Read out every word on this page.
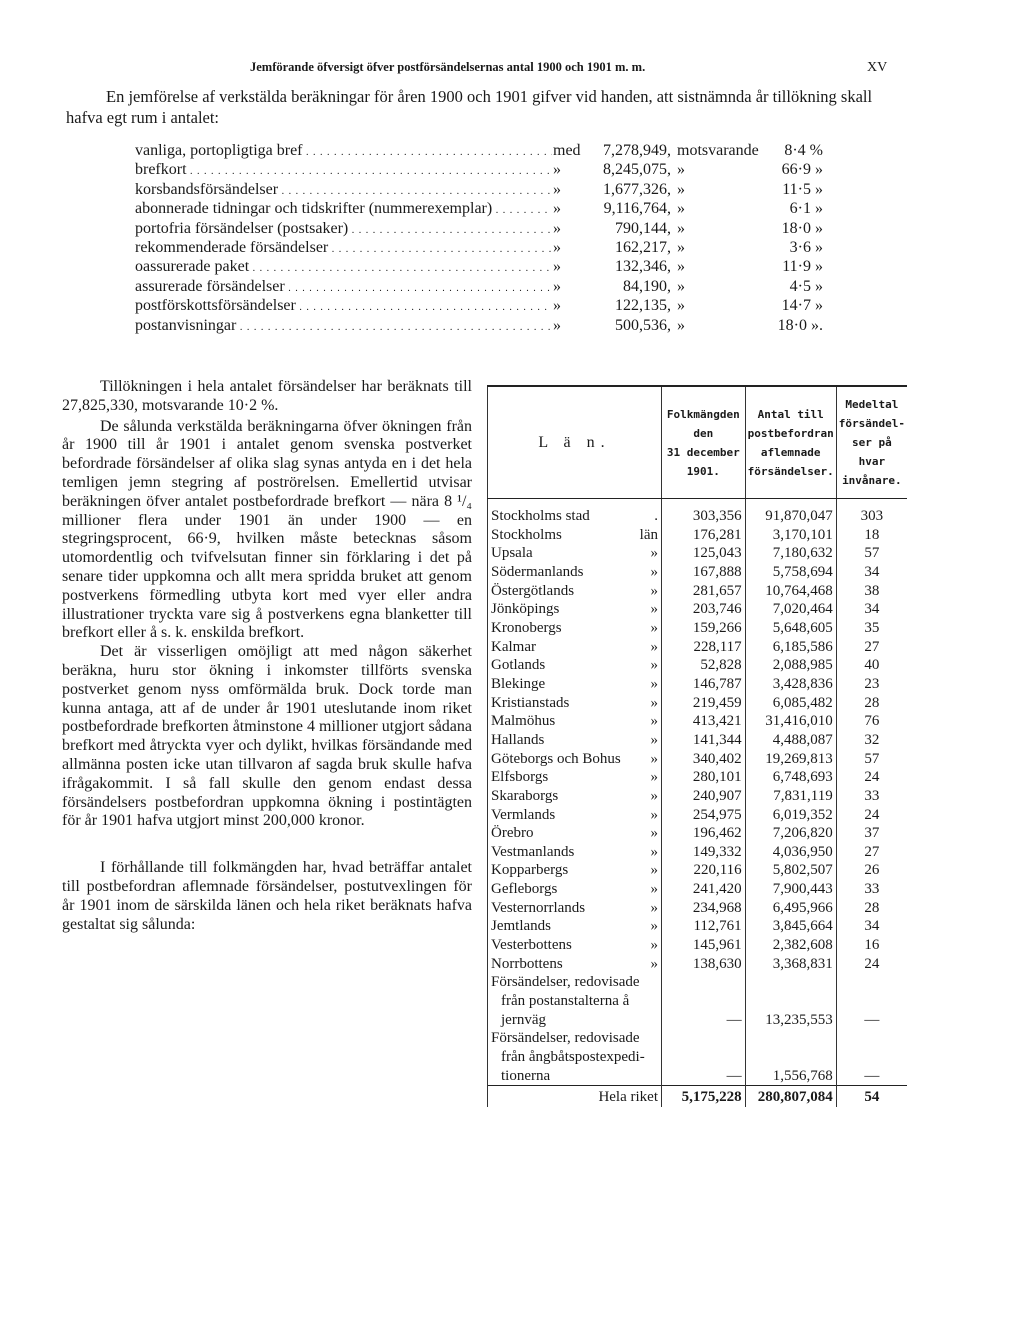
Jemförande öfversigt öfver postförsändelsernas antal 1900 och 1901 m. m.	XV

En jemförelse af verkstälda beräkningar för åren 1900 och 1901 gifver vid handen, att sistnämnda år tillökning skall hafva egt rum i antalet:

vanliga, portopligtiga bref . . .	med	7,278,949, motsvarande	8·4 %
brefkort . . .	»	8,245,075, »	66·9 »
korsbandsförsändelser . . .	»	1,677,326, »	11·5 »
abonnerade tidningar och tidskrifter (nummerexemplar) . . .	»	9,116,764, »	6·1 »
portofria försändelser (postsaker) . . .	»	790,144, »	18·0 »
rekommenderade försändelser . . .	»	162,217, »	3·6 »
oassurerade paket . . .	»	132,346, »	11·9 »
assurerade försändelser . . .	»	84,190, »	4·5 »
postförskottsförsändelser . . .	»	122,135, »	14·7 »
postanvisningar . . .	»	500,536, »	18·0 ».

Tillökningen i hela antalet försändelser har beräknats till 27,825,330, motsvarande 10·2 %.

De sålunda verkstälda beräkningarna öfver ökningen från år 1900 till år 1901 i antalet genom svenska postverket befordrade försändelser af olika slag synas antyda en i det hela temligen jemn stegring af poströrelsen. Emellertid utvisar beräkningen öfver antalet postbefordrade brefkort — nära 8 ¹/₄ millioner flera under 1901 än under 1900 — en stegringsprocent, 66·9, hvilken måste betecknas såsom utomordentlig och tvifvelsutan finner sin förklaring i det på senare tider uppkomna och allt mera spridda bruket att genom postverkens förmedling utbyta kort med vyer eller andra illustrationer tryckta vare sig å postverkens egna blanketter till brefkort eller å s. k. enskilda brefkort.

Det är visserligen omöjligt att med någon säkerhet beräkna, huru stor ökning i inkomster tillförts svenska postverket genom nyss omförmälda bruk. Dock torde man kunna antaga, att af de under år 1901 uteslutande inom riket postbefordrade brefkorten åtminstone 4 millioner utgjort sådana brefkort med åtryckta vyer och dylikt, hvilkas försändande med allmänna posten icke utan tillvaron af sagda bruk skulle hafva ifrågakommit. I så fall skulle den genom endast dessa försändelsers postbefordran uppkomna ökning i postintägten för år 1901 hafva utgjort minst 200,000 kronor.

I förhållande till folkmängden har, hvad beträffar antalet till postbefordran aflemnade försändelser, postutvexlingen för år 1901 inom de särskilda länen och hela riket beräknats hafva gestaltat sig sålunda:

L ä n.	Folkmängden
den
31 december
1901.	Antal till
postbefordran
aflemnade
försändelser.	Medeltal
försändel-
ser på hvar
invånare.

Stockholms stad .	303,356	91,870,047	303

Stockholms län	176,281	3,170,101	18

Upsala »	125,043	7,180,632	57

Södermanlands »	167,888	5,758,694	34

Östergötlands »	281,657	10,764,468	38

Jönköpings »	203,746	7,020,464	34

Kronobergs »	159,266	5,648,605	35

Kalmar »	228,117	6,185,586	27

Gotlands »	52,828	2,088,985	40

Blekinge »	146,787	3,428,836	23

Kristianstads »	219,459	6,085,482	28

Malmöhus »	413,421	31,416,010	76

Hallands »	141,344	4,488,087	32

Göteborgs och Bohus »	340,402	19,269,813	57

Elfsborgs »	280,101	6,748,693	24

Skaraborgs »	240,907	7,831,119	33

Vermlands »	254,975	6,019,352	24

Örebro »	196,462	7,206,820	37

Vestmanlands »	149,332	4,036,950	27

Kopparbergs »	220,116	5,802,507	26

Gefleborgs »	241,420	7,900,443	33

Vesternorrlands »	234,968	6,495,966	28

Jemtlands »	112,761	3,845,664	34

Vesterbottens »	145,961	2,382,608	16

Norrbottens »	138,630	3,368,831	24

Försändelser, redovisade
från postanstalterna å
jernväg	—	13,235,553	—

Försändelser, redovisade
från ångbåtspostexpedi-
tionerna	—	1,556,768	—
Hela riket	5,175,228	280,807,084	54
